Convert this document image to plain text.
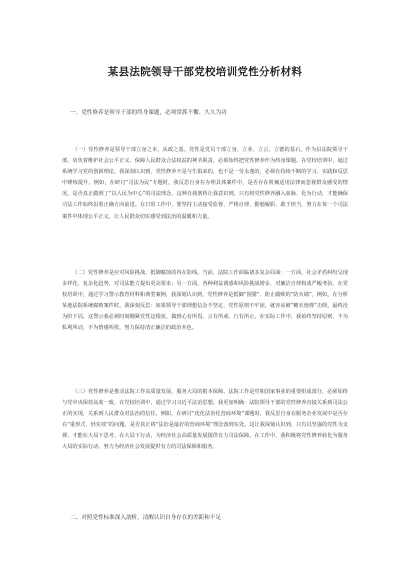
某县法院领导干部党校培训党性分析材料
一、党性修养是领导干部的终身课题，必须常抓不懈、久久为功

（一）党性修养是领导干部立身之本、从政之基。党性是党员干部立身、立业、立言、立德的基石。作为县法院领导干部，肩负着维护社会公平正义、保障人民群众合法权益的神圣职责，必须始终把党性修养作为终身课题。在党校培训中，通过系统学习党的创新理论，我深刻认识到，党性修养不是与生俱来的，也不是一劳永逸的，必须在持续不断的学习、实践和反思中锤炼提升。例如，在研讨“司法为民”专题时，我反思自身在办理具体案件中，是否存在机械适用法律而忽视群众感受的情况，是否真正做到了“以人民为中心”的司法理念。这种自我剖析让我意识到，只有将党性修养融入血脉、化为行动，才能确保司法工作始终沿着正确方向前进。在日常工作中，要坚持主动接受监督、严格自律、勤勉履职、敢于担当，努力在每一个司法案件中体现公平正义，让人民群众切实感受到法治的温暖和力量。

（二）党性修养是应对风险挑战、抵御腐蚀的内在防线。当前，法院工作面临诸多复杂局面：一方面，社会矛盾纠纷呈现多样化、复杂化趋势，对司法能力提出更高要求；另一方面，各种利益诱惑和风险挑战增多，对廉洁自律构成严峻考验。在党校培训中，通过学习警示教育材料和典型案例，我深刻认识到，党性修养是抵御“围猎”、防止腐败的“防火墙”。例如，在分析某地法院系统腐败案件时，我深刻反思：如果领导干部理想信念不坚定、党性原则不牢固，就容易被“糖衣炮弹”击倒，最终沦为阶下囚。这警示我必须时刻绷紧党性这根弦，做到心有所畏、言有所戒、行有所止。在实际工作中，我始终坚持原则，不为私利所动，不为情感所扰，努力保持清正廉洁的政治本色。

（三）党性修养是推动法院工作高质量发展、服务大局的根本保障。法院工作是党和国家事业的重要组成部分，必须始终与党中央保持高度一致，在党校培训中，通过学习习近平法治思想，我更加明确：法院领导干部的党性修养直接关系到司法公正的实现，关系到人民群众对法治的信任。例如，在研讨“优化法治化营商环境”课题时，我反思自身在服务企业发展中是否存在“重形式、轻实效”的问题，是否真正将“法治是最好的营商环境”理念落到实处。这让我深刻认识到，只有以坚强的党性为支撑，才能在大局下思考、在大局下行动，为经济社会高质量发展提供有力司法保障。在工作中，我积极将党性修养转化为服务大局的实际行动，努力为经济社会发展提供有力的司法保障和服务。

二、对照党性标准深入剖析，清醒认识自身存在的差距和不足
